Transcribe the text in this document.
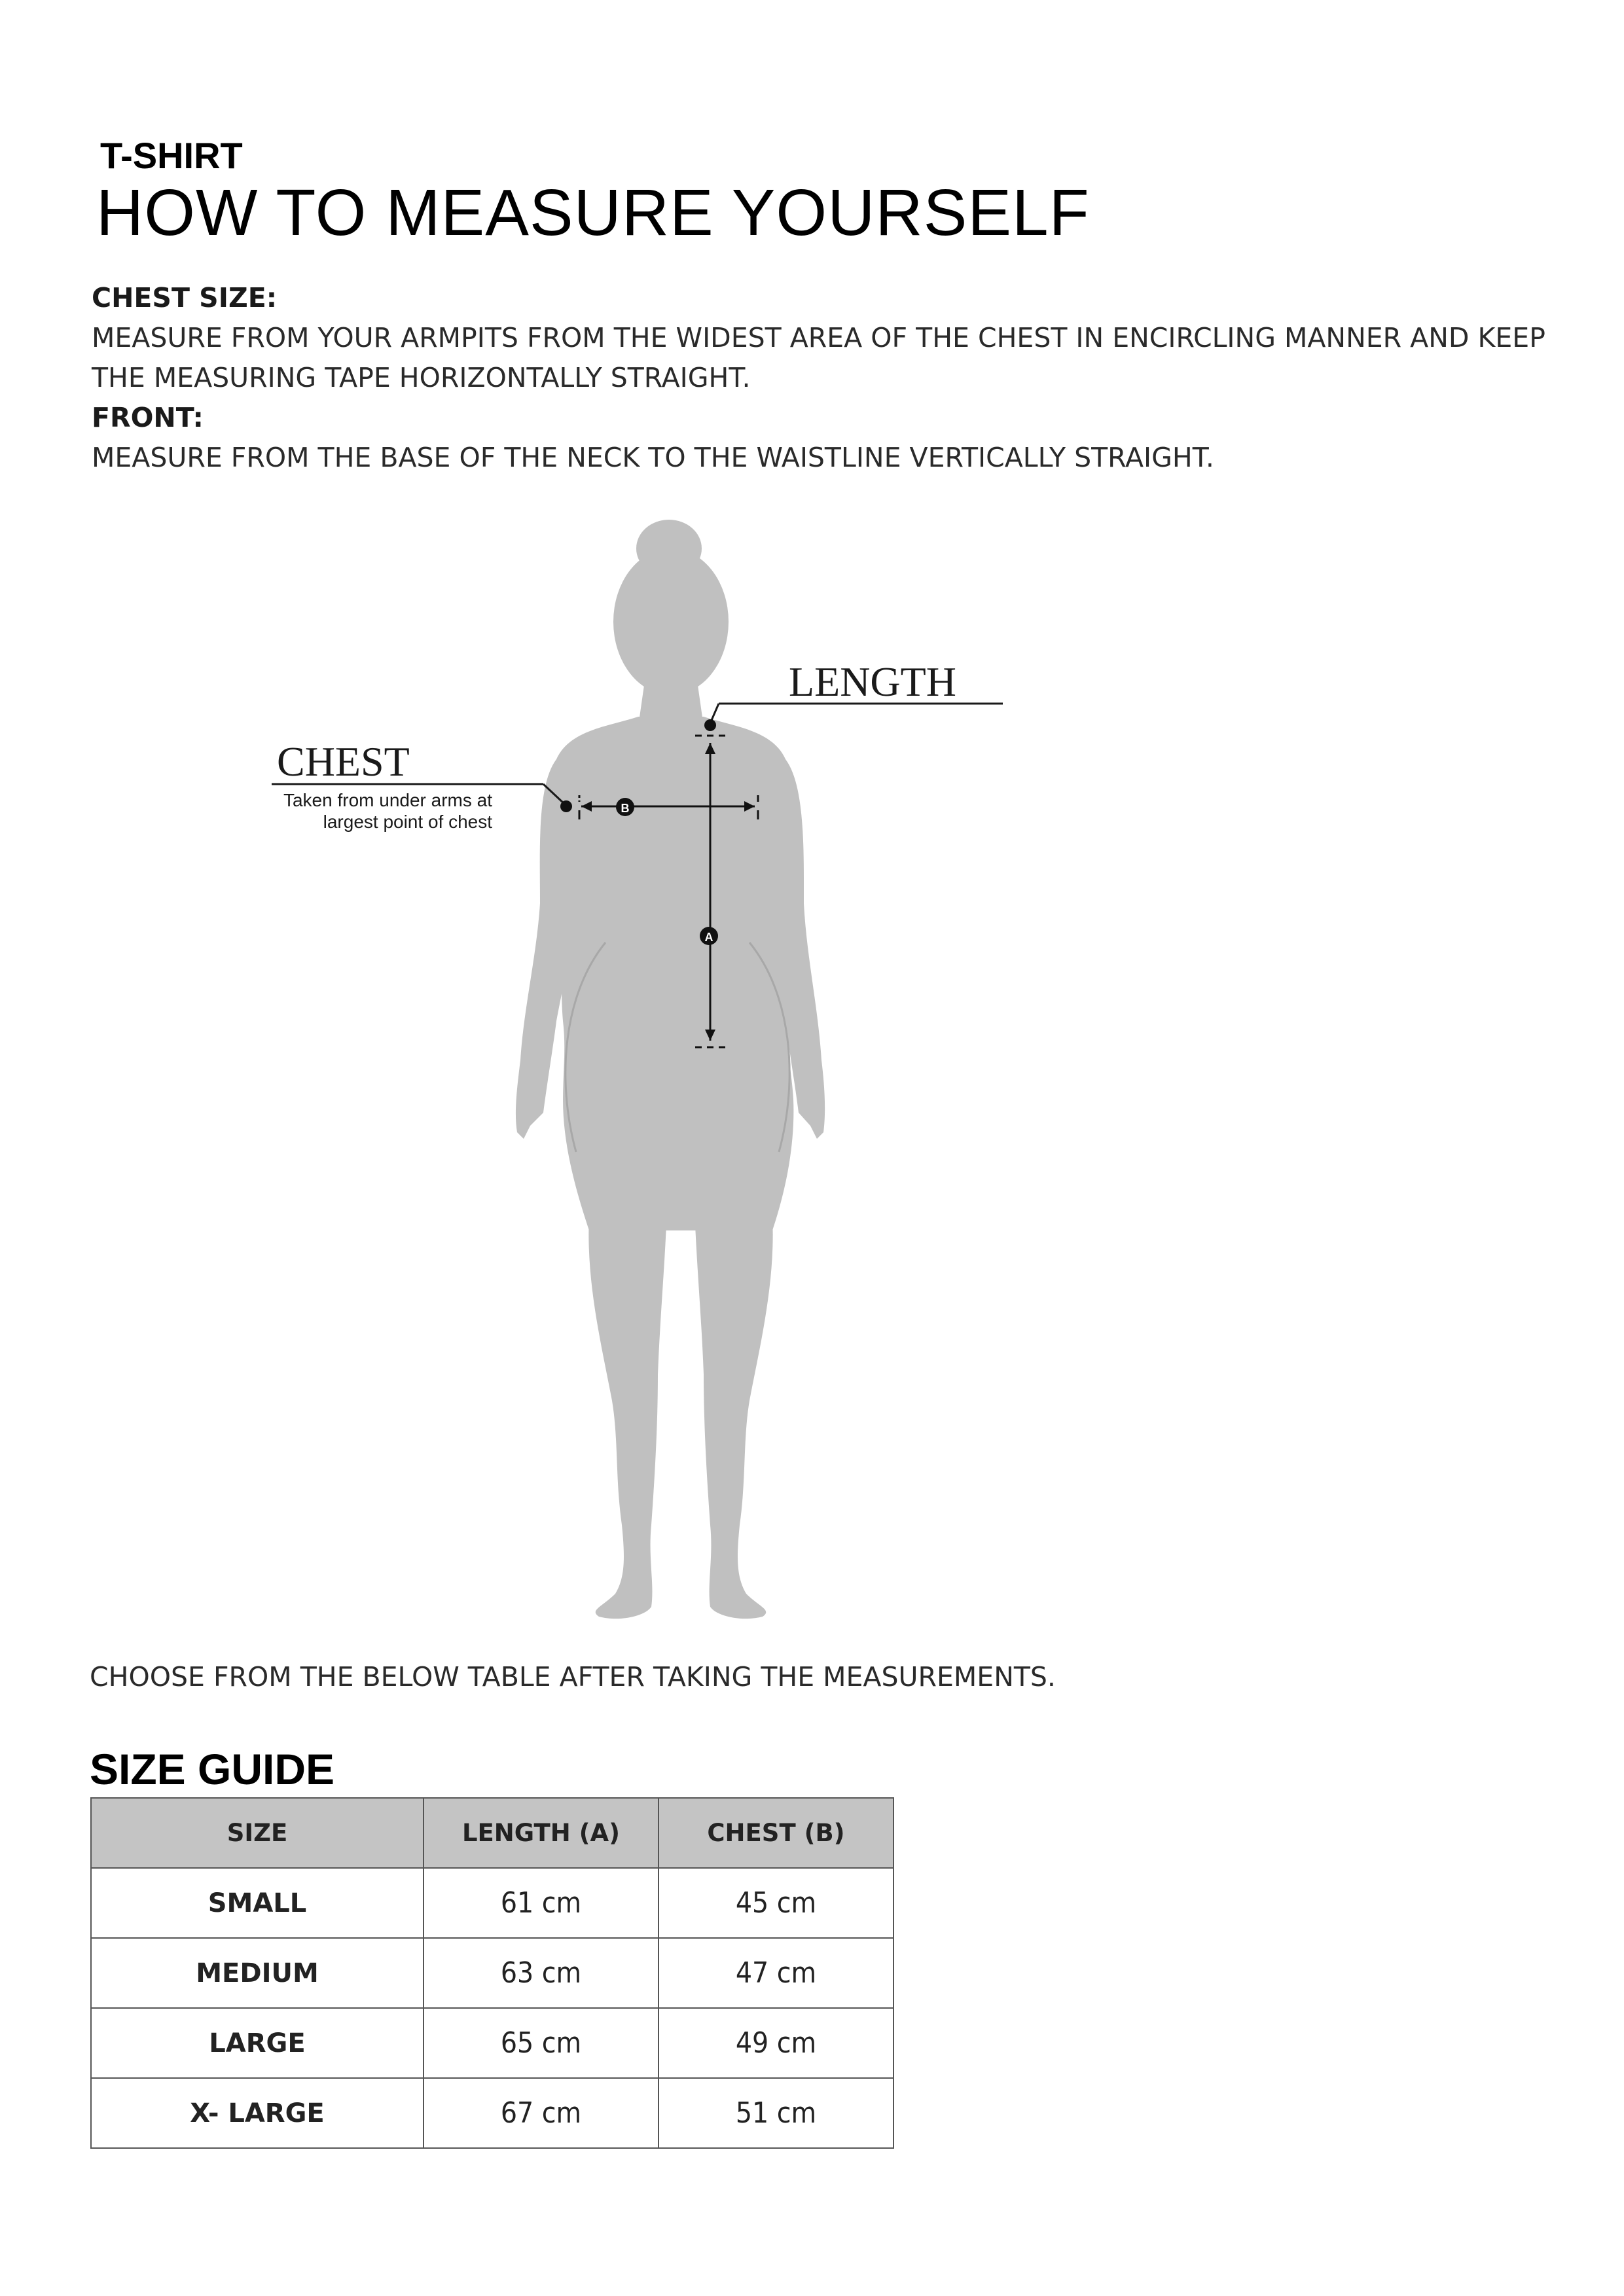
T-SHIRT
HOW TO MEASURE YOURSELF
CHEST SIZE:
MEASURE FROM YOUR ARMPITS FROM THE WIDEST AREA OF THE CHEST IN ENCIRCLING MANNER AND KEEP THE MEASURING TAPE HORIZONTALLY STRAIGHT.
FRONT:
MEASURE FROM THE BASE OF THE NECK TO THE WAISTLINE VERTICALLY STRAIGHT.
LENGTH
CHEST
Taken from under arms at
largest point of chest
B
A
CHOOSE FROM THE BELOW TABLE AFTER TAKING THE MEASUREMENTS.
SIZE GUIDE
SIZE	LENGTH (A)	CHEST (B)
SMALL	61 cm	45 cm
MEDIUM	63 cm	47 cm
LARGE	65 cm	49 cm
X- LARGE	67 cm	51 cm
